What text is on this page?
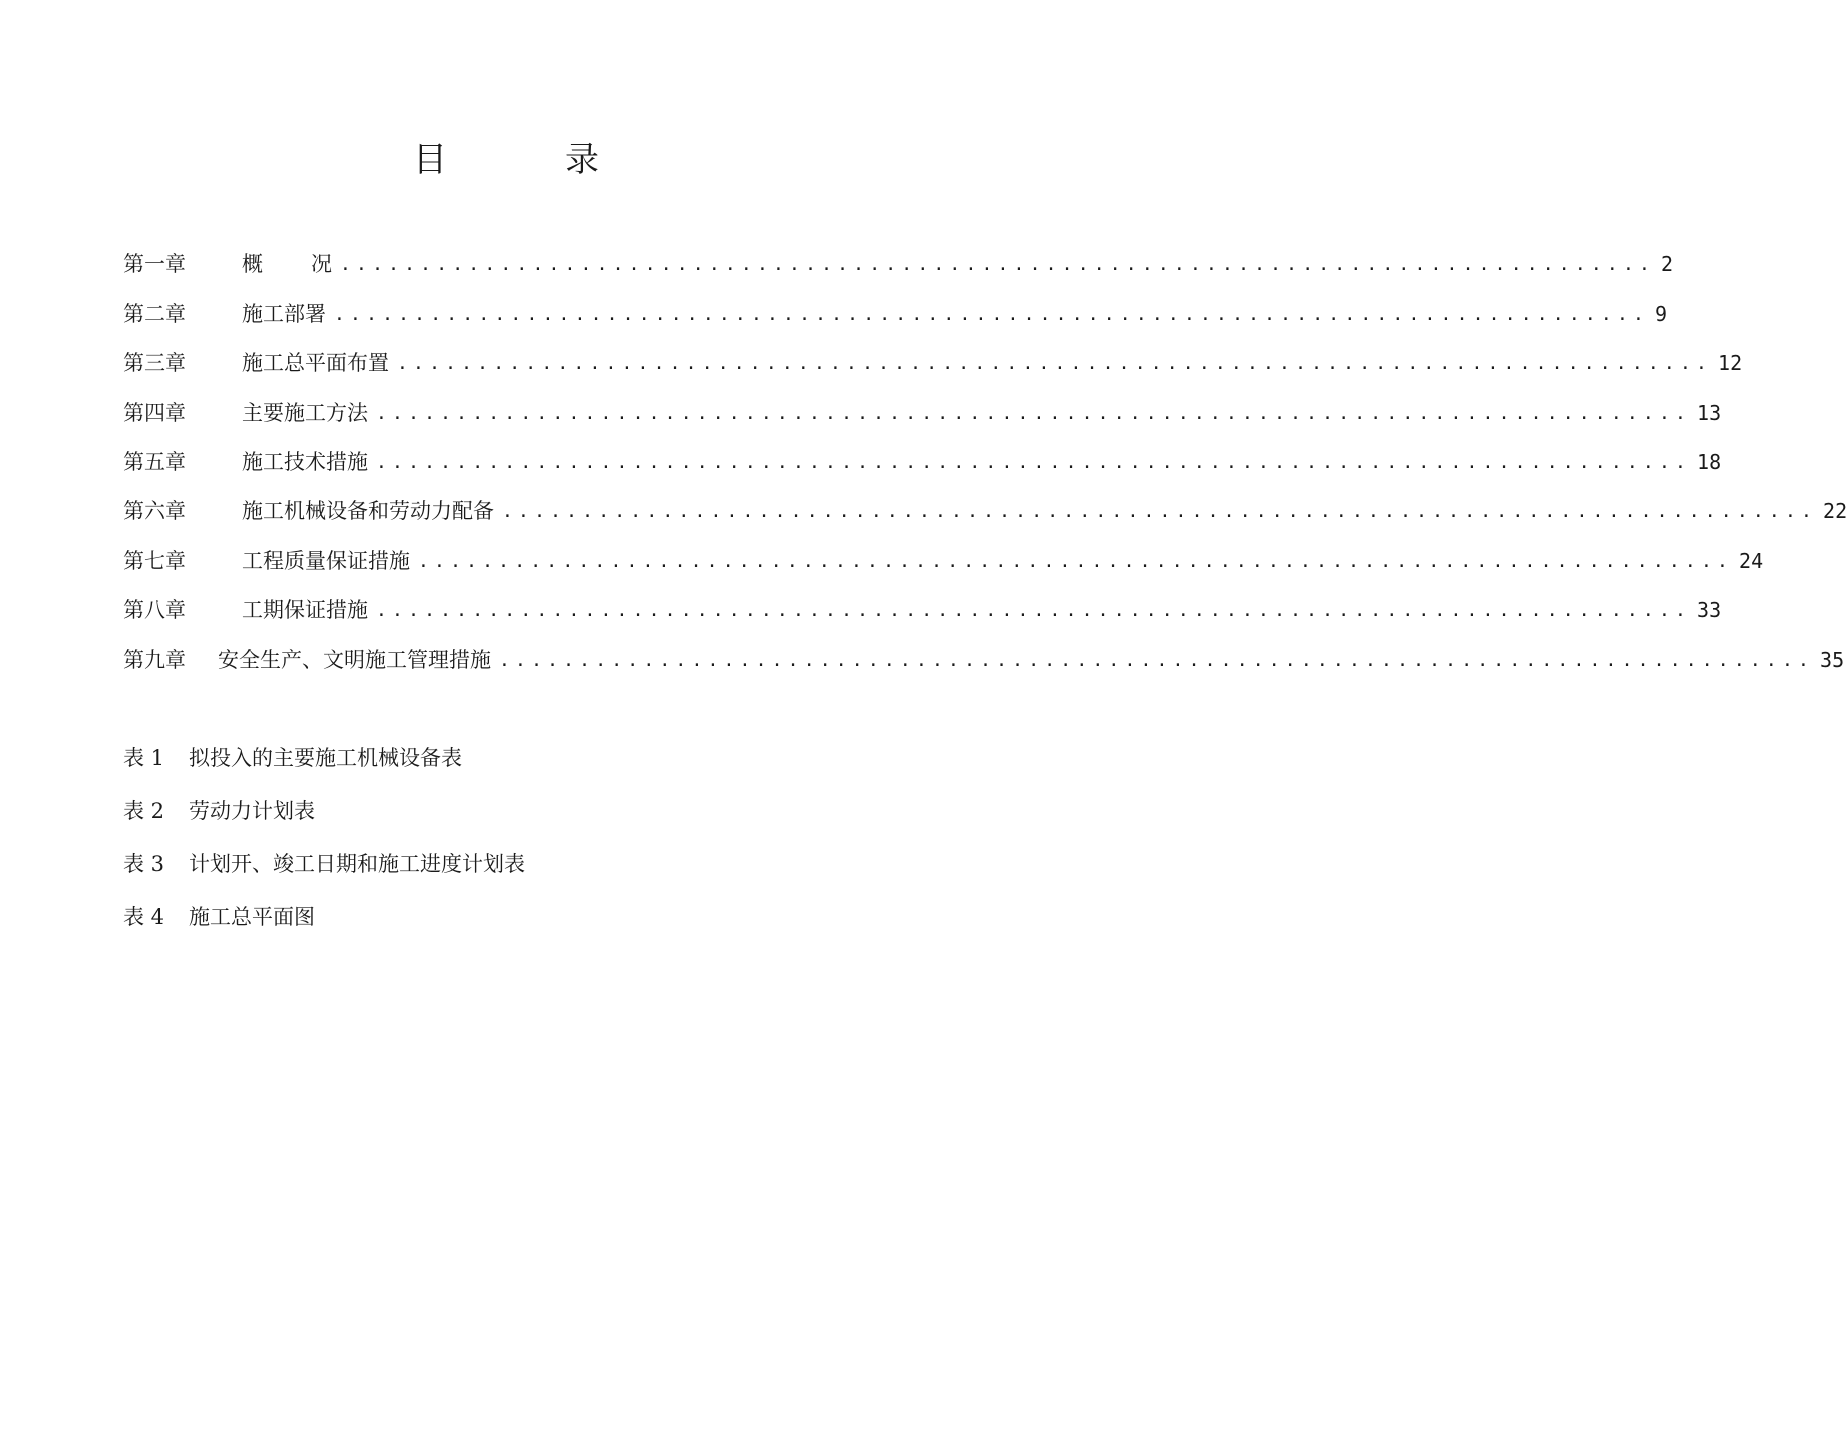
目　录
第一章	概况 .................................................................................. 2
第二章	施工部署 .................................................................................. 9
第三章	施工总平面布置 .................................................................................. 12
第四章	主要施工方法 .................................................................................. 13
第五章	施工技术措施 .................................................................................. 18
第六章	施工机械设备和劳动力配备 .................................................................................. 22
第七章	工程质量保证措施 .................................................................................. 24
第八章	工期保证措施 .................................................................................. 33
第九章	安全生产、文明施工管理措施 .................................................................................. 35
表 1 拟投入的主要施工机械设备表
表 2 劳动力计划表
表 3 计划开、竣工日期和施工进度计划表
表 4 施工总平面图
